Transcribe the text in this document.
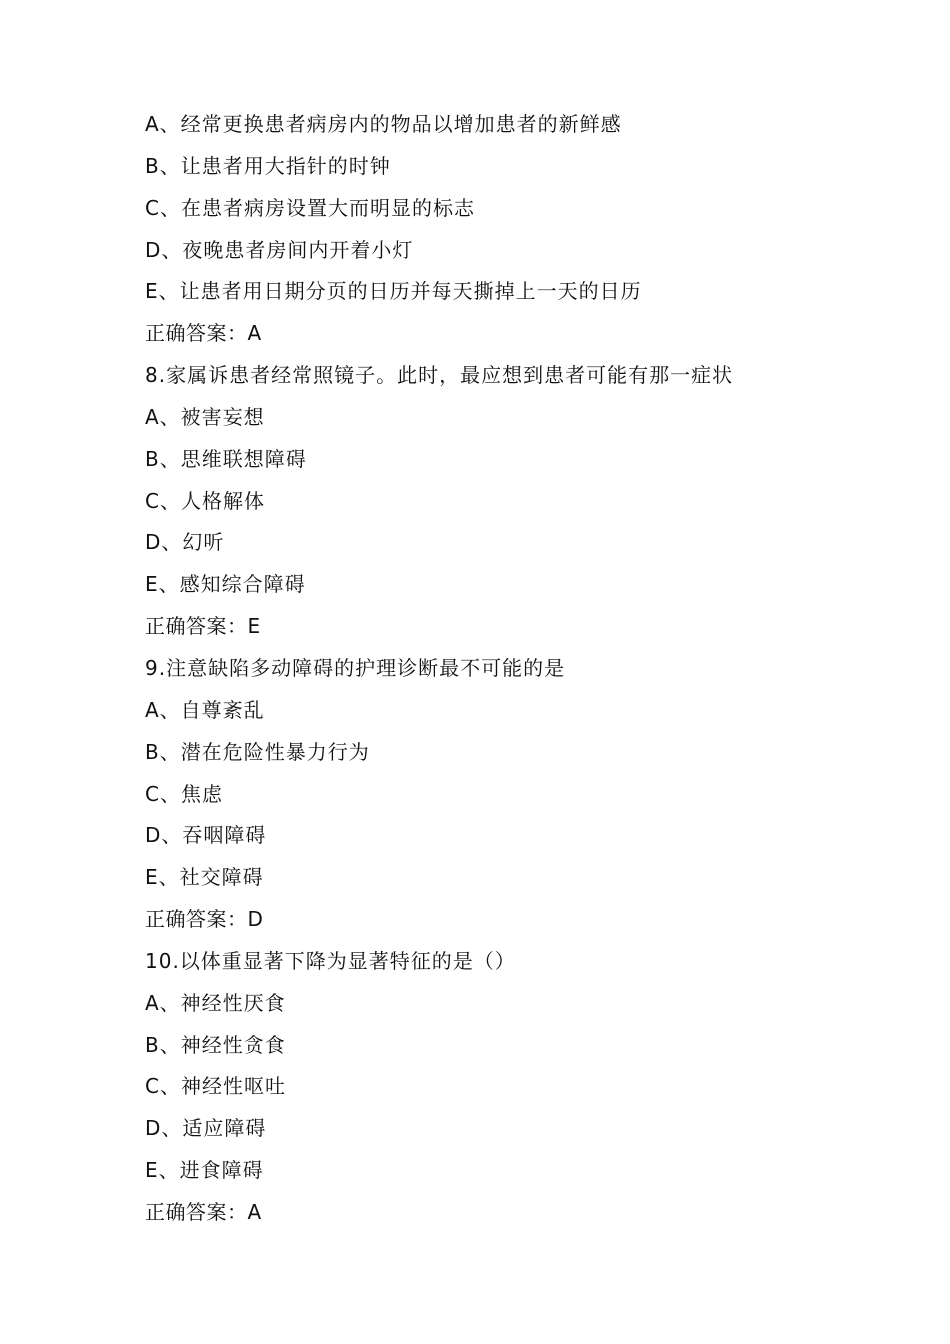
A、经常更换患者病房内的物品以增加患者的新鲜感
B、让患者用大指针的时钟
C、在患者病房设置大而明显的标志
D、夜晚患者房间内开着小灯
E、让患者用日期分页的日历并每天撕掉上一天的日历
正确答案：A
8.家属诉患者经常照镜子。此时，最应想到患者可能有那一症状
A、被害妄想
B、思维联想障碍
C、人格解体
D、幻听
E、感知综合障碍
正确答案：E
9.注意缺陷多动障碍的护理诊断最不可能的是
A、自尊紊乱
B、潜在危险性暴力行为
C、焦虑
D、吞咽障碍
E、社交障碍
正确答案：D
10.以体重显著下降为显著特征的是（）
A、神经性厌食
B、神经性贪食
C、神经性呕吐
D、适应障碍
E、进食障碍
正确答案：A
